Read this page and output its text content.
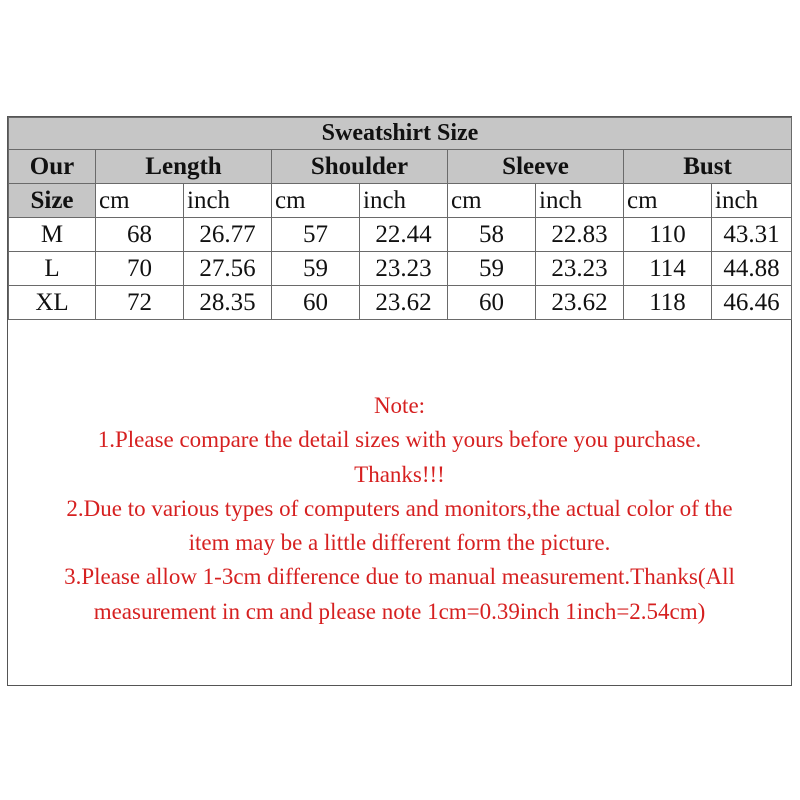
Sweatshirt Size								
Our	Length		Shoulder		Sleeve		Bust	
Size	cm	inch	cm	inch	cm	inch	cm	inch
M	68	26.77	57	22.44	58	22.83	110	43.31
L	70	27.56	59	23.23	59	23.23	114	44.88
XL	72	28.35	60	23.62	60	23.62	118	46.46
Note:
1.Please compare the detail sizes with yours before you purchase.
Thanks!!!
2.Due to various types of computers and monitors,the actual color of the
item may be a little different form the picture.
3.Please allow 1-3cm difference due to manual measurement.Thanks(All
measurement in cm and please note 1cm=0.39inch 1inch=2.54cm)
